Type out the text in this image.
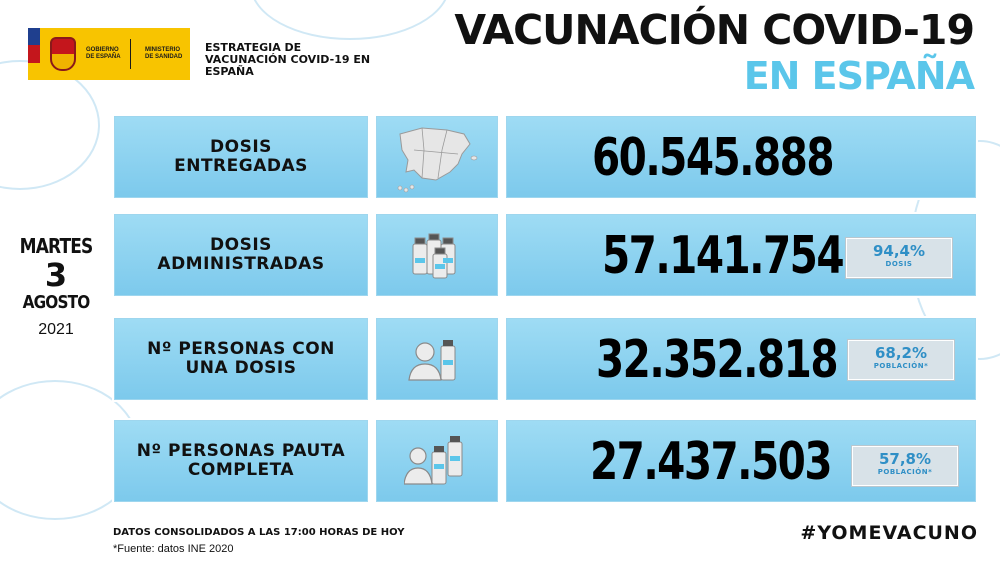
GOBIERNO DE ESPAÑA
MINISTERIO DE SANIDAD
ESTRATEGIA DE VACUNACIÓN COVID-19 EN ESPAÑA
VACUNACIÓN COVID-19
EN ESPAÑA
MARTES
3
AGOSTO
2021
DOSIS ENTREGADAS	60.545.888
DOSIS ADMINISTRADAS	57.141.754	94,4%
DOSIS
Nº PERSONAS CON UNA DOSIS	32.352.818	68,2%
POBLACIÓN*
Nº PERSONAS PAUTA COMPLETA	27.437.503	57,8%
POBLACIÓN*
DATOS CONSOLIDADOS A LAS 17:00 HORAS DE HOY
*Fuente: datos INE 2020
#YOMEVACUNO
